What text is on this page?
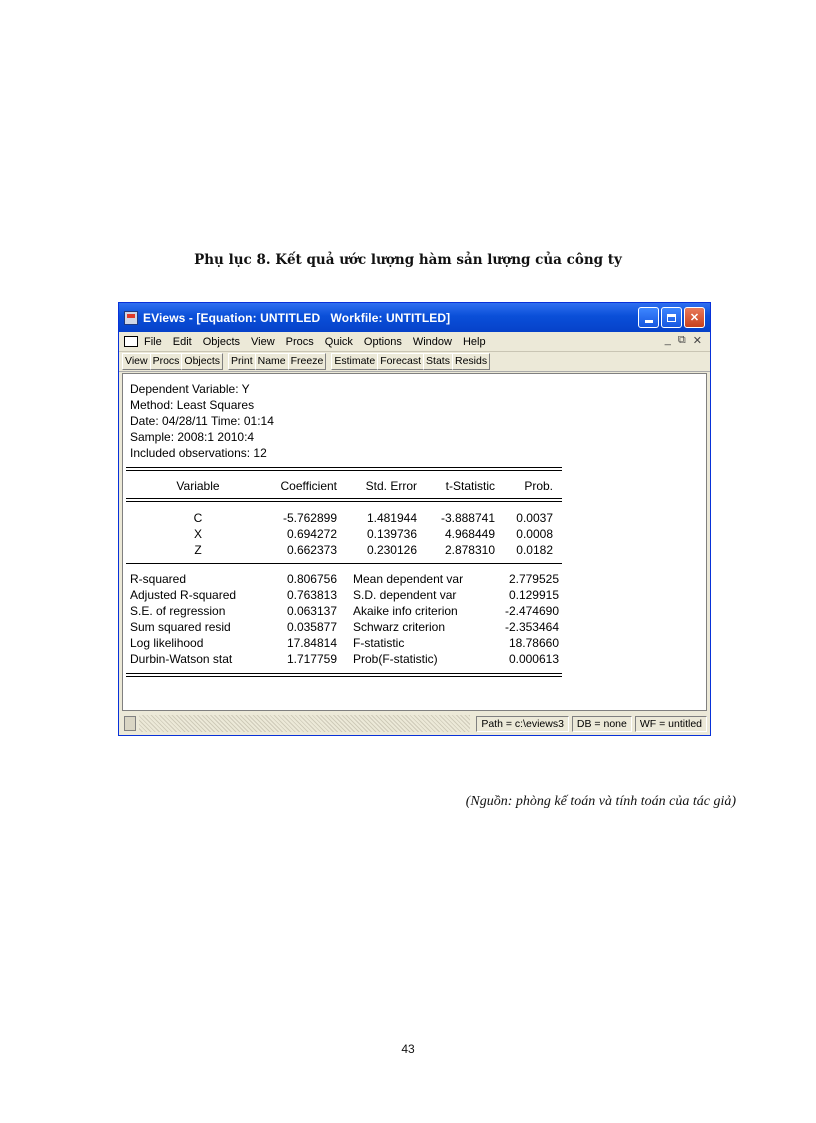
Phụ lục 8. Kết quả ước lượng hàm sản lượng của công ty
EViews - [Equation: UNTITLED   Workfile: UNTITLED]	✕
File Edit Objects View Procs Quick Options Window Help	_ ⧉ ✕
View Procs Objects Print Name Freeze Estimate Forecast Stats Resids
Dependent Variable: Y
Method: Least Squares
Date: 04/28/11 Time: 01:14
Sample: 2008:1 2010:4
Included observations: 12
Variable	Coefficient	Std. Error	t-Statistic	Prob.
C	-5.762899	1.481944	-3.888741	0.0037
X	0.694272	0.139736	4.968449	0.0008
Z	0.662373	0.230126	2.878310	0.0182
R-squared	0.806756 Mean dependent var	2.779525
Adjusted R-squared	0.763813 S.D. dependent var	0.129915
S.E. of regression	0.063137 Akaike info criterion	-2.474690
Sum squared resid	0.035877 Schwarz criterion	-2.353464
Log likelihood	17.84814 F-statistic	18.78660
Durbin-Watson stat	1.717759 Prob(F-statistic)	0.000613
Path = c:\eviews3	DB = none	WF = untitled
(Nguồn: phòng kế toán và tính toán của tác giả)
43
